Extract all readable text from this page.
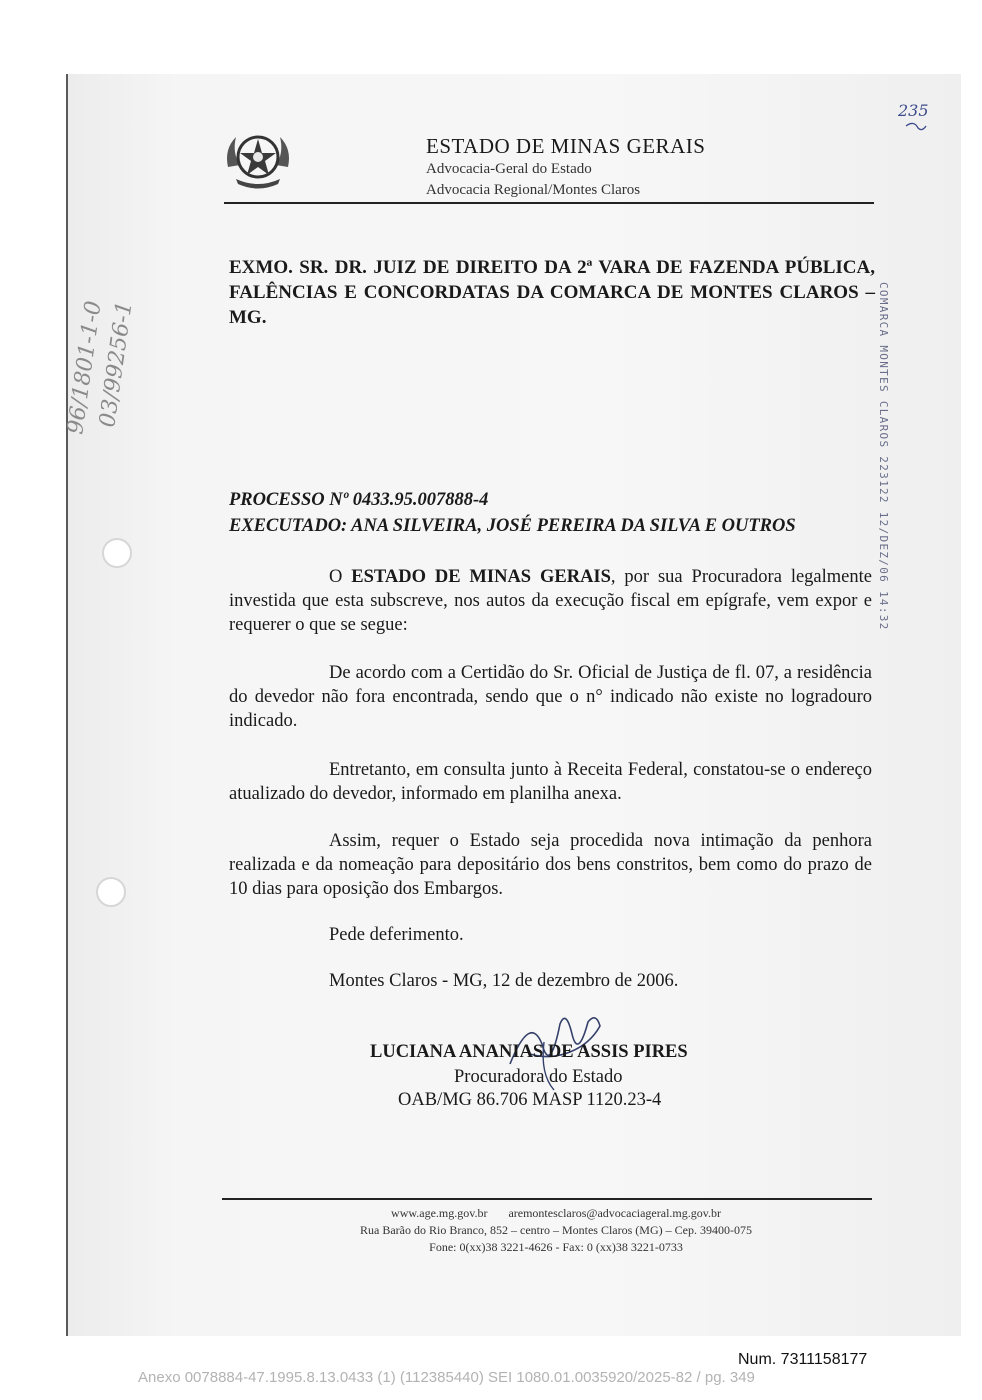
ESTADO DE MINAS GERAIS
Advocacia-Geral do Estado
Advocacia Regional/Montes Claros
EXMO. SR. DR. JUIZ DE DIREITO DA 2ª VARA DE FAZENDA PÚBLICA, FALÊNCIAS E CONCORDATAS DA COMARCA DE MONTES CLAROS – MG.
PROCESSO Nº 0433.95.007888-4
EXECUTADO: ANA SILVEIRA, JOSÉ PEREIRA DA SILVA E OUTROS
O ESTADO DE MINAS GERAIS, por sua Procuradora legalmente investida que esta subscreve, nos autos da execução fiscal em epígrafe, vem expor e requerer o que se segue:
De acordo com a Certidão do Sr. Oficial de Justiça de fl. 07, a residência do devedor não fora encontrada, sendo que o n° indicado não existe no logradouro indicado.
Entretanto, em consulta junto à Receita Federal, constatou-se o endereço atualizado do devedor, informado em planilha anexa.
Assim, requer o Estado seja procedida nova intimação da penhora realizada e da nomeação para depositário dos bens constritos, bem como do prazo de 10 dias para oposição dos Embargos.
Pede deferimento.
Montes Claros - MG, 12 de dezembro de 2006.
LUCIANA ANANIAS DE ASSIS PIRES
Procuradora do Estado
OAB/MG 86.706 MASP 1120.23-4
www.age.mg.gov.br aremontesclaros@advocaciageral.mg.gov.br
Rua Barão do Rio Branco, 852 – centro – Montes Claros (MG) – Cep. 39400-075
Fone: 0(xx)38 3221-4626 - Fax: 0 (xx)38 3221-0733
COMARCA MONTES CLAROS 223122 12/DEZ/06 14:32
235
96/1801-1-0
03/99256-1
Num. 7311158177
Anexo 0078884-47.1995.8.13.0433 (1) (112385440) SEI 1080.01.0035920/2025-82 / pg. 349
